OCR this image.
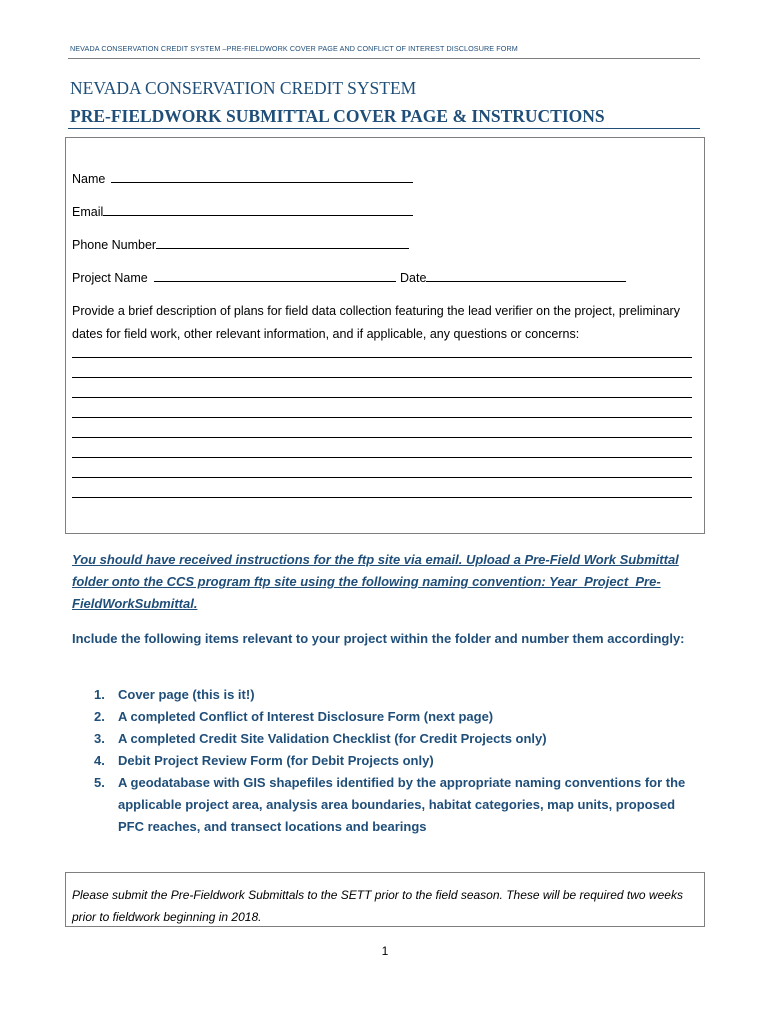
NEVADA CONSERVATION CREDIT SYSTEM –PRE-FIELDWORK COVER PAGE AND CONFLICT OF INTEREST DISCLOSURE FORM
NEVADA CONSERVATION CREDIT SYSTEM
PRE-FIELDWORK SUBMITTAL COVER PAGE & INSTRUCTIONS
Name
Email
Phone Number
Project Name	Date
Provide a brief description of plans for field data collection featuring the lead verifier on the project, preliminary dates for field work, other relevant information, and if applicable, any questions or concerns:
You should have received instructions for the ftp site via email. Upload a Pre-Field Work Submittal folder onto the CCS program ftp site using the following naming convention: Year_Project_Pre-FieldWorkSubmittal.
Include the following items relevant to your project within the folder and number them accordingly:
1.	Cover page (this is it!)
2.	A completed Conflict of Interest Disclosure Form (next page)
3.	A completed Credit Site Validation Checklist (for Credit Projects only)
4.	Debit Project Review Form (for Debit Projects only)
5.	A geodatabase with GIS shapefiles identified by the appropriate naming conventions for the applicable project area, analysis area boundaries, habitat categories, map units, proposed PFC reaches, and transect locations and bearings
Please submit the Pre-Fieldwork Submittals to the SETT prior to the field season. These will be required two weeks prior to fieldwork beginning in 2018.
1
